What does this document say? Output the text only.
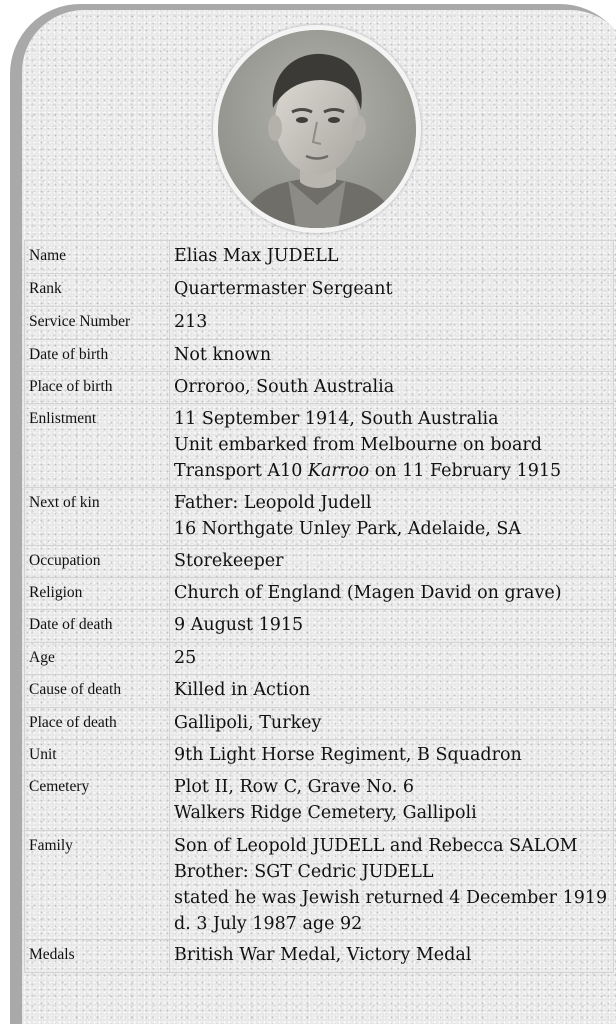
Name	Elias Max JUDELL

Rank	Quartermaster Sergeant

Service Number	213

Date of birth	Not known

Place of birth	Orroroo, South Australia

Enlistment	11 September 1914, South Australia
Unit embarked from Melbourne on board
Transport A10 Karroo on 11 February 1915

Next of kin	Father: Leopold Judell
16 Northgate Unley Park, Adelaide, SA

Occupation	Storekeeper

Religion	Church of England (Magen David on grave)

Date of death	9 August 1915

Age	25

Cause of death	Killed in Action

Place of death	Gallipoli, Turkey

Unit	9th Light Horse Regiment, B Squadron

Cemetery	Plot II, Row C, Grave No. 6
Walkers Ridge Cemetery, Gallipoli

Family	Son of Leopold JUDELL and Rebecca SALOM
Brother: SGT Cedric JUDELL
stated he was Jewish returned 4 December 1919
d. 3 July 1987 age 92

Medals	British War Medal, Victory Medal
